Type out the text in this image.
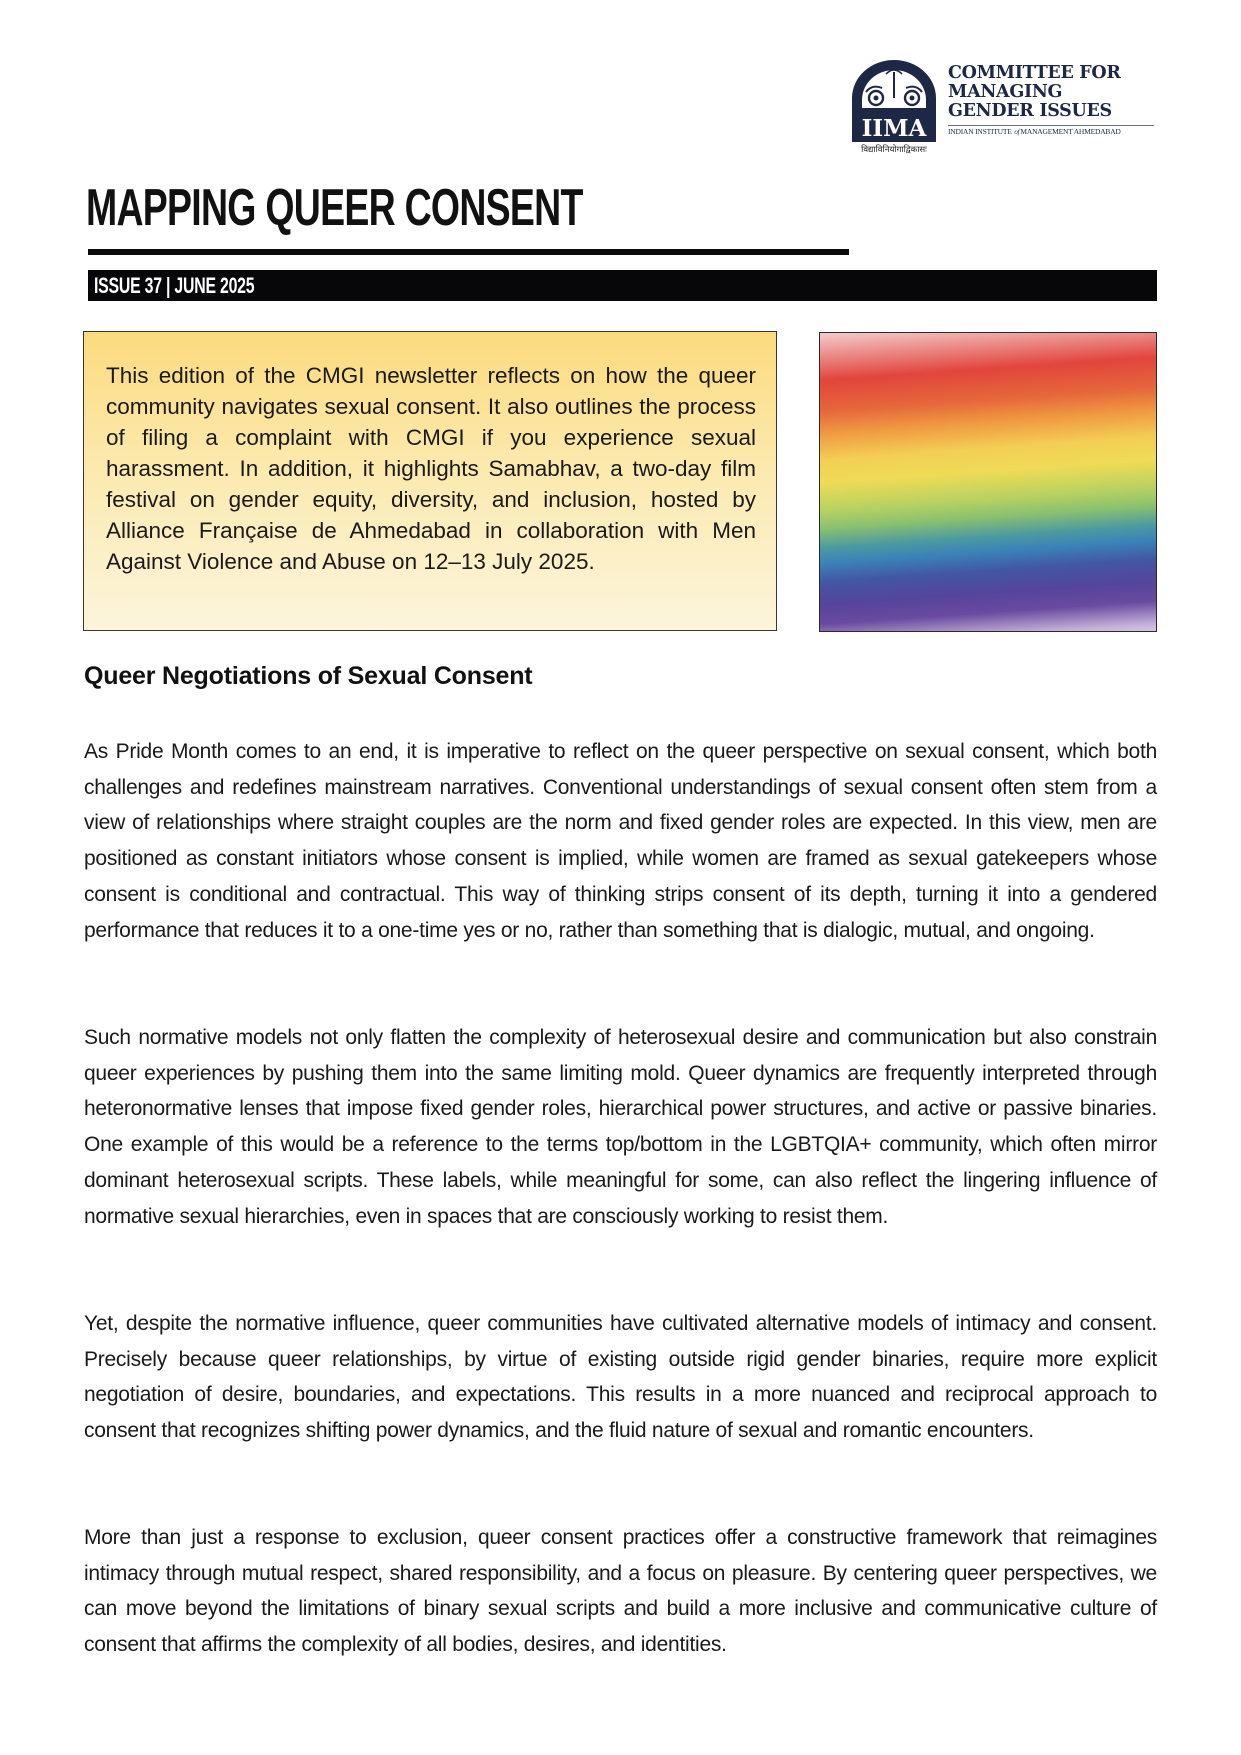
IIMA
विद्याविनियोगाद्विकासः

COMMITTEE FOR

MANAGING

GENDER ISSUES

INDIAN INSTITUTE ofMANAGEMENT AHMEDABAD
MAPPING QUEER CONSENT
ISSUE 37 | JUNE 2025

This edition of the CMGI newsletter reflects on how the queer community navigates sexual consent. It also outlines the process of filing a complaint with CMGI if you experience sexual harassment. In addition, it highlights Samabhav, a two-day film festival on gender equity, diversity, and inclusion, hosted by Alliance Française de Ahmedabad in collaboration with Men Against Violence and Abuse on 12–13 July 2025.

Queer Negotiations of Sexual Consent

As Pride Month comes to an end, it is imperative to reflect on the queer perspective on sexual consent, which both challenges and redefines mainstream narratives. Conventional understandings of sexual consent often stem from a view of relationships where straight couples are the norm and fixed gender roles are expected. In this view, men are positioned as constant initiators whose consent is implied, while women are framed as sexual gatekeepers whose consent is conditional and contractual. This way of thinking strips consent of its depth, turning it into a gendered performance that reduces it to a one-time yes or no, rather than something that is dialogic, mutual, and ongoing.

Such normative models not only flatten the complexity of heterosexual desire and communication but also constrain queer experiences by pushing them into the same limiting mold. Queer dynamics are frequently interpreted through heteronormative lenses that impose fixed gender roles, hierarchical power structures, and active or passive binaries. One example of this would be a reference to the terms top/bottom in the LGBTQIA+ community, which often mirror dominant heterosexual scripts. These labels, while meaningful for some, can also reflect the lingering influence of normative sexual hierarchies, even in spaces that are consciously working to resist them.

Yet, despite the normative influence, queer communities have cultivated alternative models of intimacy and consent. Precisely because queer relationships, by virtue of existing outside rigid gender binaries, require more explicit negotiation of desire, boundaries, and expectations. This results in a more nuanced and reciprocal approach to consent that recognizes shifting power dynamics, and the fluid nature of sexual and romantic encounters.

More than just a response to exclusion, queer consent practices offer a constructive framework that reimagines intimacy through mutual respect, shared responsibility, and a focus on pleasure. By centering queer perspectives, we can move beyond the limitations of binary sexual scripts and build a more inclusive and communicative culture of consent that affirms the complexity of all bodies, desires, and identities.
